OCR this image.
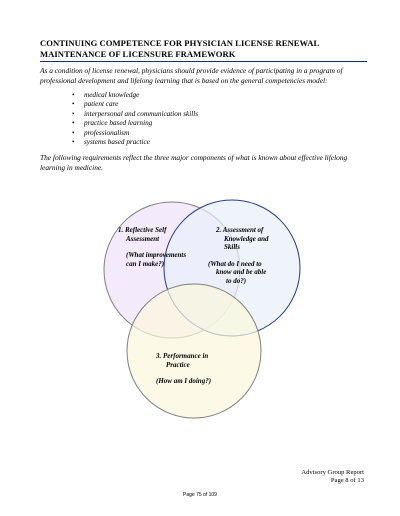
CONTINUING COMPETENCE FOR PHYSICIAN LICENSE RENEWAL MAINTENANCE OF LICENSURE FRAMEWORK
As a condition of license renewal, physicians should provide evidence of participating in a program of professional development and lifelong learning that is based on the general competencies model:
• medical knowledge
• patient care
• interpersonal and communication skills
• practice based learning
• professionalism
• systems based practice
The following requirements reflect the three major components of what is known about effective lifelong learning in medicine.
1. Reflective Self
Assessment
(What improvements
can I make?)
2. Assessment of
Knowledge and
Skills
(What do I need to
know and be able
to do?)
3. Performance in
Practice
(How am I doing?)
Advisory Group Report
Page 8 of 13
Page 75 of 109
